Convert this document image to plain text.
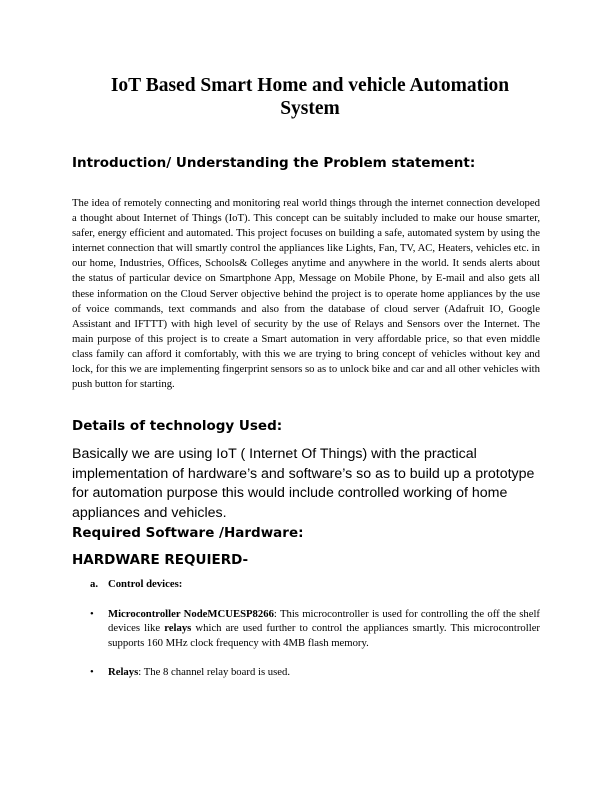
IoT Based Smart Home and vehicle Automation
System
Introduction/ Understanding the Problem statement:

The idea of remotely connecting and monitoring real world things through the internet connection developed a thought about Internet of Things (IoT). This concept can be suitably included to make our house smarter, safer, energy efficient and automated. This project focuses on building a safe, automated system by using the internet connection that will smartly control the appliances like Lights, Fan, TV, AC, Heaters, vehicles etc. in our home, Industries, Offices, Schools& Colleges anytime and anywhere in the world. It sends alerts about the status of particular device on Smartphone App, Message on Mobile Phone, by E-mail and also gets all these information on the Cloud Server objective behind the project is to operate home appliances by the use of voice commands, text commands and also from the database of cloud server (Adafruit IO, Google Assistant and IFTTT) with high level of security by the use of Relays and Sensors over the Internet. The main purpose of this project is to create a Smart automation in very affordable price, so that even middle class family can afford it comfortably, with this we are trying to bring concept of vehicles without key and lock, for this we are implementing fingerprint sensors so as to unlock bike and car and all other vehicles with push button for starting.

Details of technology Used:

Basically we are using IoT ( Internet Of Things) with the practical implementation of hardware’s and software’s so as to build up a prototype for automation purpose this would include controlled working of home appliances and vehicles.

Required Software /Hardware:
HARDWARE REQUIERD-

a. Control devices:

•	Microcontroller NodeMCUESP8266: This microcontroller is used for controlling the off the shelf devices like relays which are used further to control the appliances smartly. This microcontroller supports 160 MHz clock frequency with 4MB flash memory.

•	Relays: The 8 channel relay board is used.
